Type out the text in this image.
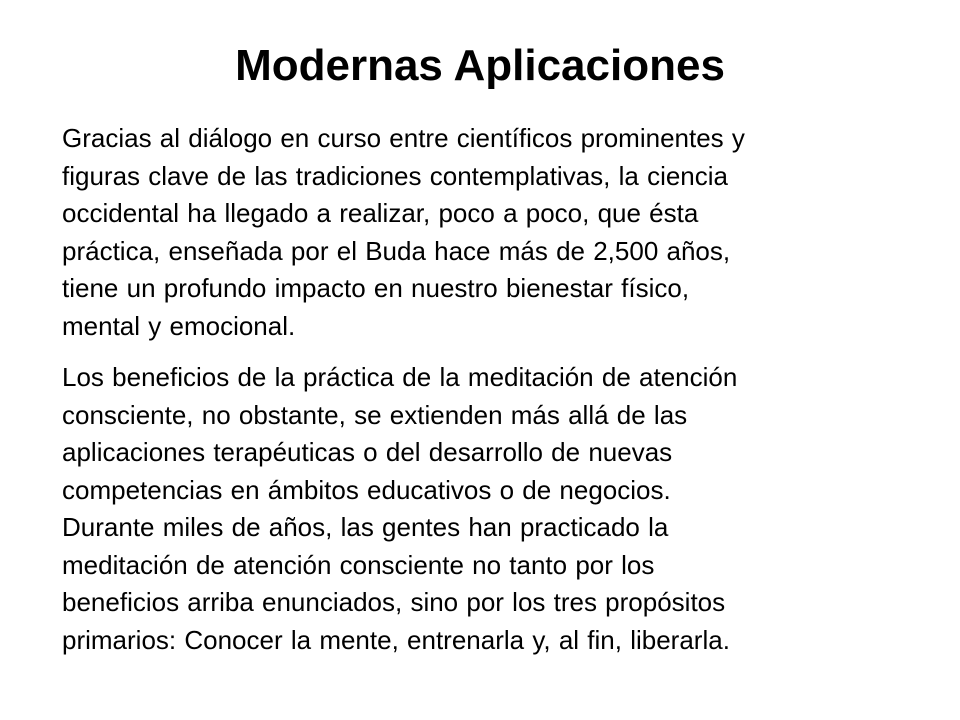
Modernas Aplicaciones

Gracias al diálogo en curso entre científicos prominentes y
figuras clave de las tradiciones contemplativas, la ciencia
occidental ha llegado a realizar, poco a poco, que ésta
práctica, enseñada por el Buda hace más de 2,500 años,
tiene un profundo impacto en nuestro bienestar físico,
mental y emocional.

Los beneficios de la práctica de la meditación de atención
consciente, no obstante, se extienden más allá de las
aplicaciones terapéuticas o del desarrollo de nuevas
competencias en ámbitos educativos o de negocios.
Durante miles de años, las gentes han practicado la
meditación de atención consciente no tanto por los
beneficios arriba enunciados, sino por los tres propósitos
primarios: Conocer la mente, entrenarla y, al fin, liberarla.
